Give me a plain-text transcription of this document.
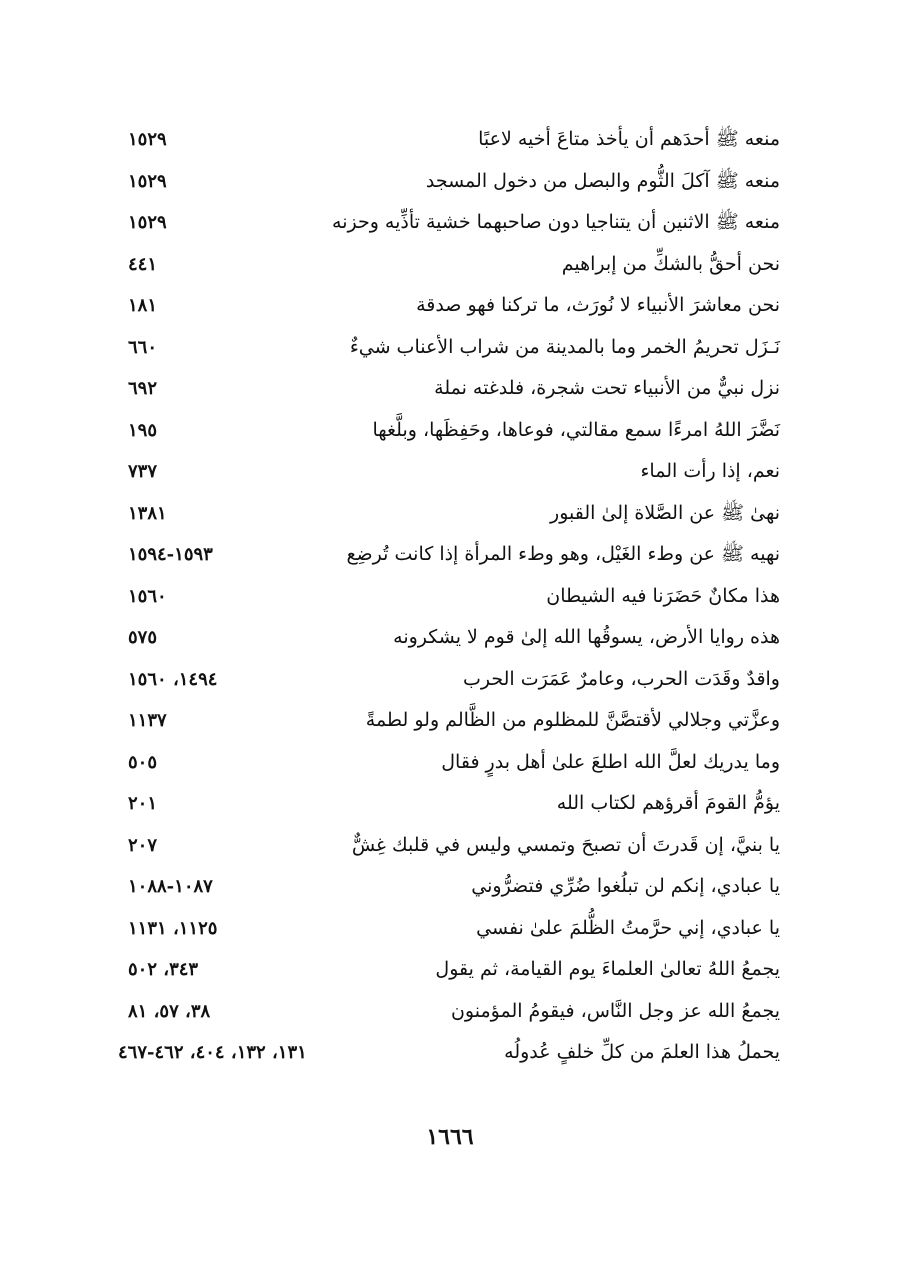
منعه ﷺ أحدَهم أن يأخذ متاعَ أخيه لاعبًا
١٥٢٩
منعه ﷺ آكلَ الثُّوم والبصل من دخول المسجد
١٥٢٩
منعه ﷺ الاثنين أن يتناجيا دون صاحبهما خشية تأذِّيه وحزنه
١٥٢٩
نحن أحقُّ بالشكِّ من إبراهيم
٤٤١
نحن معاشرَ الأنبياء لا نُورَث، ما تركنا فهو صدقة
١٨١
نَـزَل تحريمُ الخمر وما بالمدينة من شراب الأعناب شيءٌ
٦٦٠
نزل نبيٌّ من الأنبياء تحت شجرة، فلدغته نملة
٦٩٢
نَضَّرَ اللهُ امرءًا سمع مقالتي، فوعاها، وحَفِظَها، وبلَّغها
١٩٥
نعم، إذا رأت الماء
٧٣٧
نهىٰ ﷺ عن الصَّلاة إلىٰ القبور
١٣٨١
نهيه ﷺ عن وطء الغَيْل، وهو وطء المرأة إذا كانت تُرضِع
١٥٩٣-١٥٩٤
هذا مكانٌ حَضَرَنا فيه الشيطان
١٥٦٠
هذه روايا الأرض، يسوقُها الله إلىٰ قوم لا يشكرونه
٥٧٥
واقدٌ وقَدَت الحرب، وعامرٌ عَمَرَت الحرب
١٤٩٤، ١٥٦٠
وعزَّتي وجلالي لأقتصَّنَّ للمظلوم من الظَّالم ولو لطمةً
١١٣٧
وما يدريك لعلَّ الله اطلعَ علىٰ أهل بدرٍ فقال
٥٠٥
يؤمُّ القومَ أقرؤهم لكتاب الله
٢٠١
يا بنيَّ، إن قَدرتَ أن تصبحَ وتمسي وليس في قلبك غِشٌّ
٢٠٧
يا عبادي، إنكم لن تبلُغوا ضُرِّي فتضرُّوني
١٠٨٧-١٠٨٨
يا عبادي، إني حرَّمتُ الظُّلمَ علىٰ نفسي
١١٢٥، ١١٣١
يجمعُ اللهُ تعالىٰ العلماءَ يوم القيامة، ثم يقول
٣٤٣، ٥٠٢
يجمعُ الله عز وجل النَّاس، فيقومُ المؤمنون
٣٨، ٥٧، ٨١
يحملُ هذا العلمَ من كلِّ خلفٍ عُدولُه
١٣١، ١٣٢، ٤٠٤، ٤٦٢-٤٦٧
١٦٦٦
